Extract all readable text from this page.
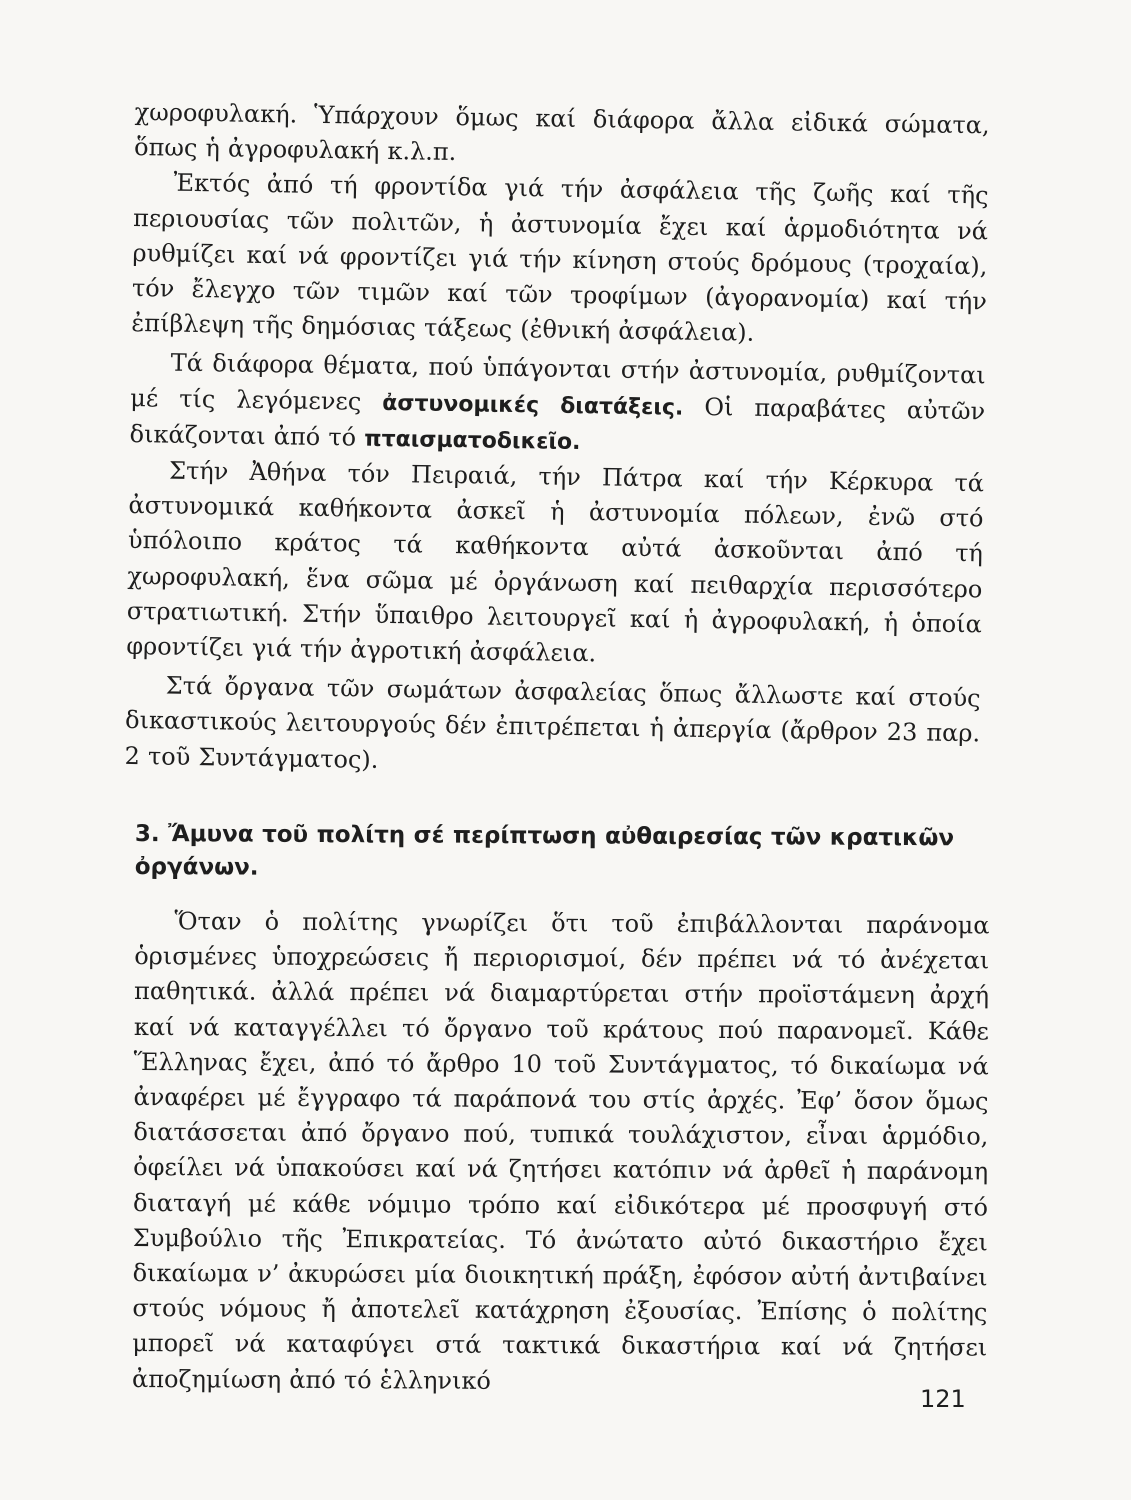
χωροφυλακή. Ὑπάρχουν ὅμως καί διάφορα ἄλλα εἰδικά σώματα, ὅπως ἡ ἀγροφυλακή κ.λ.π.

Ἐκτός ἀπό τή φροντίδα γιά τήν ἀσφάλεια τῆς ζωῆς καί τῆς περιουσίας τῶν πολιτῶν, ἡ ἀστυνομία ἔχει καί ἁρμοδιότητα νά ρυθμίζει καί νά φροντίζει γιά τήν κίνηση στούς δρόμους (τροχαία), τόν ἔλεγχο τῶν τιμῶν καί τῶν τροφίμων (ἀγορανομία) καί τήν ἐπίβλεψη τῆς δημόσιας τάξεως (ἐθνική ἀσφάλεια).

Τά διάφορα θέματα, πού ὑπάγονται στήν ἀστυνομία, ρυθμίζονται μέ τίς λεγόμενες ἀστυνομικές διατάξεις. Οἱ παραβάτες αὐτῶν δικάζονται ἀπό τό πταισματοδικεῖο.

Στήν Ἀθήνα τόν Πειραιά, τήν Πάτρα καί τήν Κέρκυρα τά ἀστυνομικά καθήκοντα ἀσκεῖ ἡ ἀστυνομία πόλεων, ἐνῶ στό ὑπόλοιπο κράτος τά καθήκοντα αὐτά ἀσκοῦνται ἀπό τή χωροφυλακή, ἕνα σῶμα μέ ὀργάνωση καί πειθαρχία περισσότερο στρατιωτική. Στήν ὕπαιθρο λειτουργεῖ καί ἡ ἀγροφυλακή, ἡ ὁποία φροντίζει γιά τήν ἀγροτική ἀσφάλεια.

Στά ὄργανα τῶν σωμάτων ἀσφαλείας ὅπως ἄλλωστε καί στούς δικαστικούς λειτουργούς δέν ἐπιτρέπεται ἡ ἀπεργία (ἄρθρον 23 παρ. 2 τοῦ Συντάγματος).

3. Ἄμυνα τοῦ πολίτη σέ περίπτωση αὐθαιρεσίας τῶν κρατικῶν ὀργάνων.

Ὅταν ὁ πολίτης γνωρίζει ὅτι τοῦ ἐπιβάλλονται παράνομα ὁρισμένες ὑποχρεώσεις ἤ περιορισμοί, δέν πρέπει νά τό ἀνέχεται παθητικά. ἀλλά πρέπει νά διαμαρτύρεται στήν προϊστάμενη ἀρχή καί νά καταγγέλλει τό ὄργανο τοῦ κράτους πού παρανομεῖ. Κάθε Ἕλληνας ἔχει, ἀπό τό ἄρθρο 10 τοῦ Συντάγματος, τό δικαίωμα νά ἀναφέρει μέ ἔγγραφο τά παράπονά του στίς ἀρχές. Ἐφ’ ὅσον ὅμως διατάσσεται ἀπό ὄργανο πού, τυπικά τουλάχιστον, εἶναι ἁρμόδιο, ὀφείλει νά ὑπακούσει καί νά ζητήσει κατόπιν νά ἀρθεῖ ἡ παράνομη διαταγή μέ κάθε νόμιμο τρόπο καί εἰδικότερα μέ προσφυγή στό Συμβούλιο τῆς Ἐπικρατείας. Τό ἀνώτατο αὐτό δικαστήριο ἔχει δικαίωμα ν’ ἀκυρώσει μία διοικητική πράξη, ἐφόσον αὐτή ἀντιβαίνει στούς νόμους ἤ ἀποτελεῖ κατάχρηση ἐξουσίας. Ἐπίσης ὁ πολίτης μπορεῖ νά καταφύγει στά τακτικά δικαστήρια καί νά ζητήσει ἀποζημίωση ἀπό τό ἑλληνικό

121
